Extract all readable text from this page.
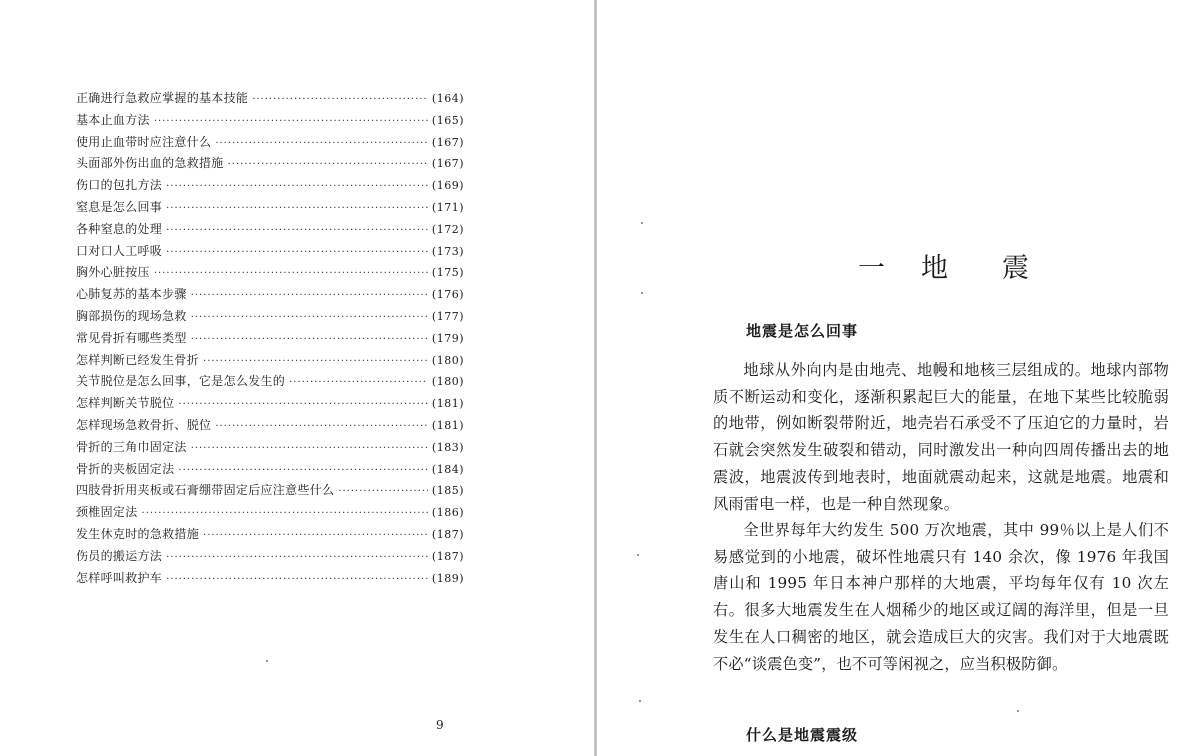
正确进行急救应掌握的基本技能 ·····	(164)
基本止血方法 ·····	(165)
使用止血带时应注意什么 ·····	(167)
头面部外伤出血的急救措施 ·····	(167)
伤口的包扎方法 ·····	(169)
窒息是怎么回事 ·····	(171)
各种窒息的处理 ·····	(172)
口对口人工呼吸 ·····	(173)
胸外心脏按压 ·····	(175)
心肺复苏的基本步骤 ·····	(176)
胸部损伤的现场急救 ·····	(177)
常见骨折有哪些类型 ·····	(179)
怎样判断已经发生骨折 ·····	(180)
关节脱位是怎么回事，它是怎么发生的 ·····	(180)
怎样判断关节脱位 ·····	(181)
怎样现场急救骨折、脱位 ·····	(181)
骨折的三角巾固定法 ·····	(183)
骨折的夹板固定法 ·····	(184)
四肢骨折用夹板或石膏绷带固定后应注意些什么 ·····	(185)
颈椎固定法 ·····	(186)
发生休克时的急救措施 ·····	(187)
伤员的搬运方法 ·····	(187)
怎样呼叫救护车 ·····	(189)
9
一 地 震
地震是怎么回事

地球从外向内是由地壳、地幔和地核三层组成的。地球内部物质不断运动和变化，逐渐积累起巨大的能量，在地下某些比较脆弱的地带，例如断裂带附近，地壳岩石承受不了压迫它的力量时，岩石就会突然发生破裂和错动，同时激发出一种向四周传播出去的地震波，地震波传到地表时，地面就震动起来，这就是地震。地震和风雨雷电一样，也是一种自然现象。

全世界每年大约发生 500 万次地震，其中 99％以上是人们不易感觉到的小地震，破坏性地震只有 140 余次，像 1976 年我国唐山和 1995 年日本神户那样的大地震，平均每年仅有 10 次左右。很多大地震发生在人烟稀少的地区或辽阔的海洋里，但是一旦发生在人口稠密的地区，就会造成巨大的灾害。我们对于大地震既不必“谈震色变”，也不可等闲视之，应当积极防御。

什么是地震震级
